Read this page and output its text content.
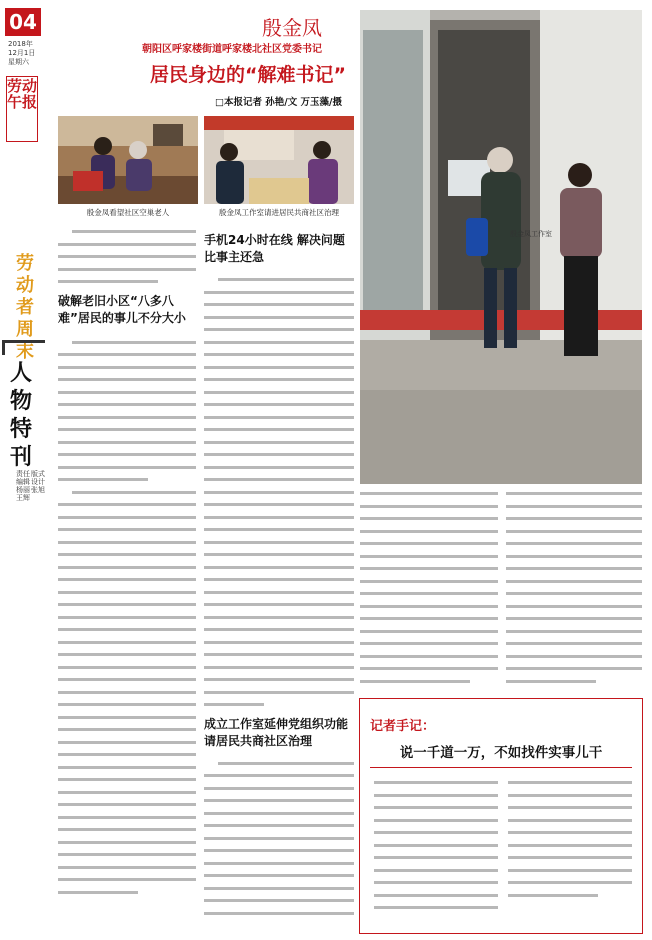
04
2018年
12月1日
星期六
劳动午报
劳动者周末
人物特刊
版式设计 张旭
责任编辑 杨丽 王辉
殷金凤
朝阳区呼家楼街道呼家楼北社区党委书记
居民身边的“解难书记”
□本报记者 孙艳/文 万玉藻/摄
殷金凤看望社区空巢老人	殷金凤工作室请进居民共商社区治理
殷金凤工作室
破解老旧小区“八多八难”居民的事儿不分大小
手机24小时在线 解决问题比事主还急
成立工作室延伸党组织功能 请居民共商社区治理
记者手记：
说一千道一万，不如找件实事儿干
